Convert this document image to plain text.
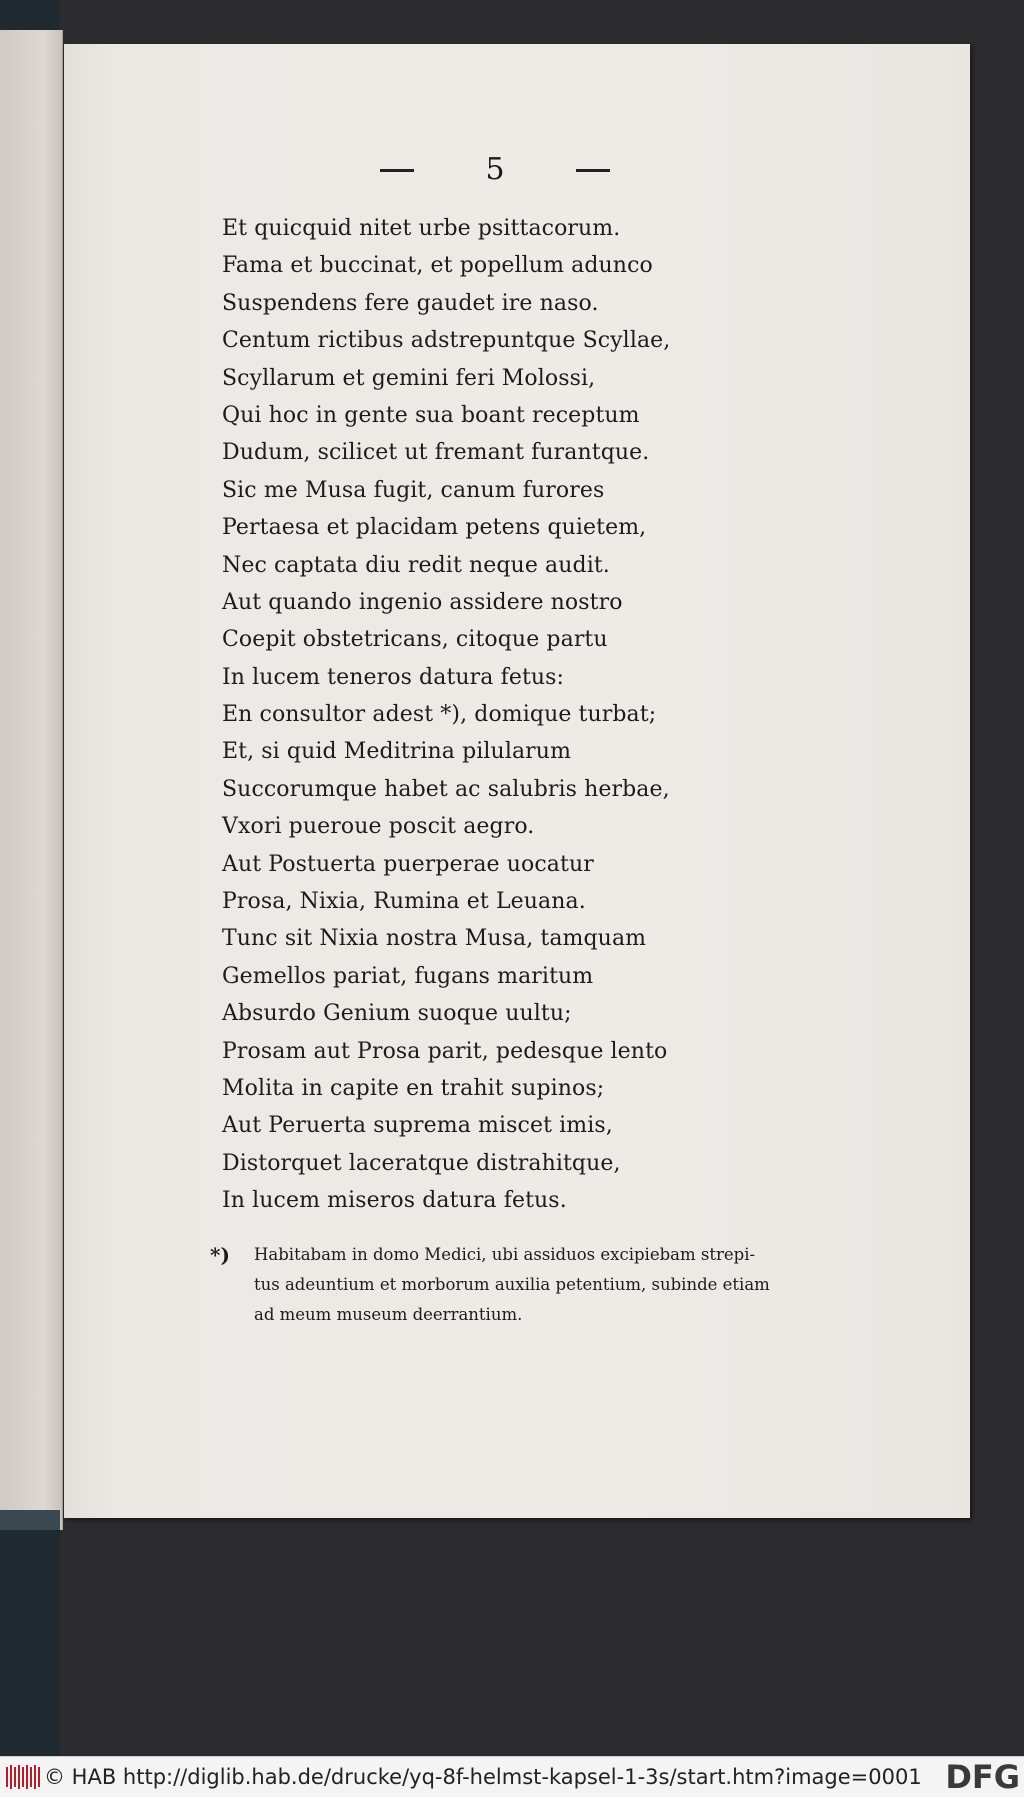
5
Et quicquid nitet urbe psittacorum.
Fama et buccinat, et popellum adunco
Suspendens fere gaudet ire naso.
Centum rictibus adstrepuntque Scyllae,
Scyllarum et gemini feri Molossi,
Qui hoc in gente sua boant receptum
Dudum, scilicet ut fremant furantque.
Sic me Musa fugit, canum furores
Pertaesa et placidam petens quietem,
Nec captata diu redit neque audit.
Aut quando ingenio assidere nostro
Coepit obstetricans, citoque partu
In lucem teneros datura fetus:
En consultor adest *), domique turbat;
Et, si quid Meditrina pilularum
Succorumque habet ac salubris herbae,
Vxori pueroue poscit aegro.
Aut Postuerta puerperae uocatur
Prosa, Nixia, Rumina et Leuana.
Tunc sit Nixia nostra Musa, tamquam
Gemellos pariat, fugans maritum
Absurdo Genium suoque uultu;
Prosam aut Prosa parit, pedesque lento
Molita in capite en trahit supinos;
Aut Peruerta suprema miscet imis,
Distorquet laceratque distrahitque,
In lucem miseros datura fetus.
*)	Habitabam in domo Medici, ubi assiduos excipiebam strepi-
tus adeuntium et morborum auxilia petentium, subinde etiam
ad meum museum deerrantium.
© HAB http://diglib.hab.de/drucke/yq-8f-helmst-kapsel-1-3s/start.htm?image=0001 DFG
